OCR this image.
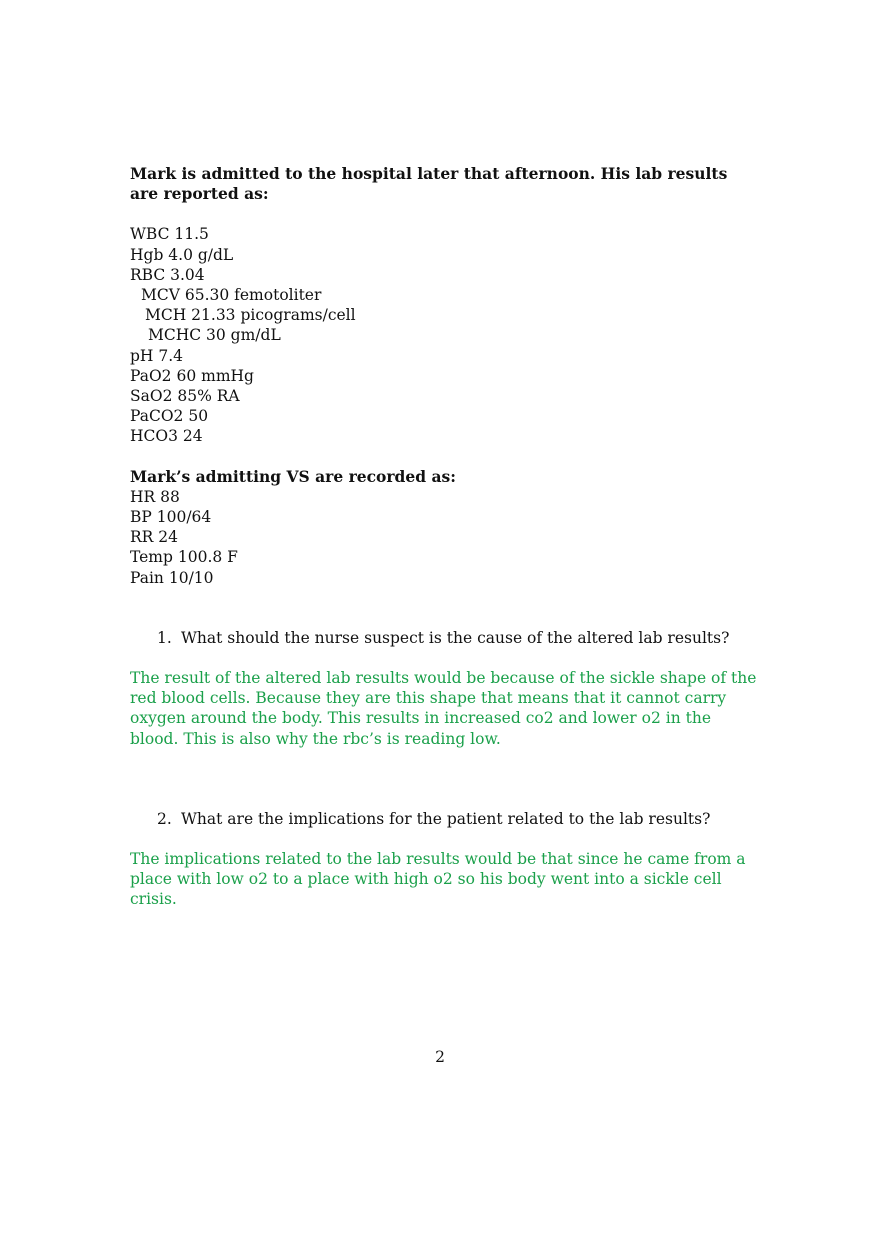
Mark is admitted to the hospital later that afternoon. His lab results are reported as:
WBC 11.5
Hgb 4.0 g/dL
RBC 3.04
MCV 65.30 femotoliter
MCH 21.33 picograms/cell
MCHC 30 gm/dL
pH 7.4
PaO2 60 mmHg
SaO2 85% RA
PaCO2 50
HCO3 24
Mark’s admitting VS are recorded as:
HR 88
BP 100/64
RR 24
Temp 100.8 F
Pain 10/10
1. What should the nurse suspect is the cause of the altered lab results?
The result of the altered lab results would be because of the sickle shape of the red blood cells. Because they are this shape that means that it cannot carry oxygen around the body. This results in increased co2 and lower o2 in the blood. This is also why the rbc’s is reading low.
2. What are the implications for the patient related to the lab results?
The implications related to the lab results would be that since he came from a place with low o2 to a place with high o2 so his body went into a sickle cell crisis.
2
